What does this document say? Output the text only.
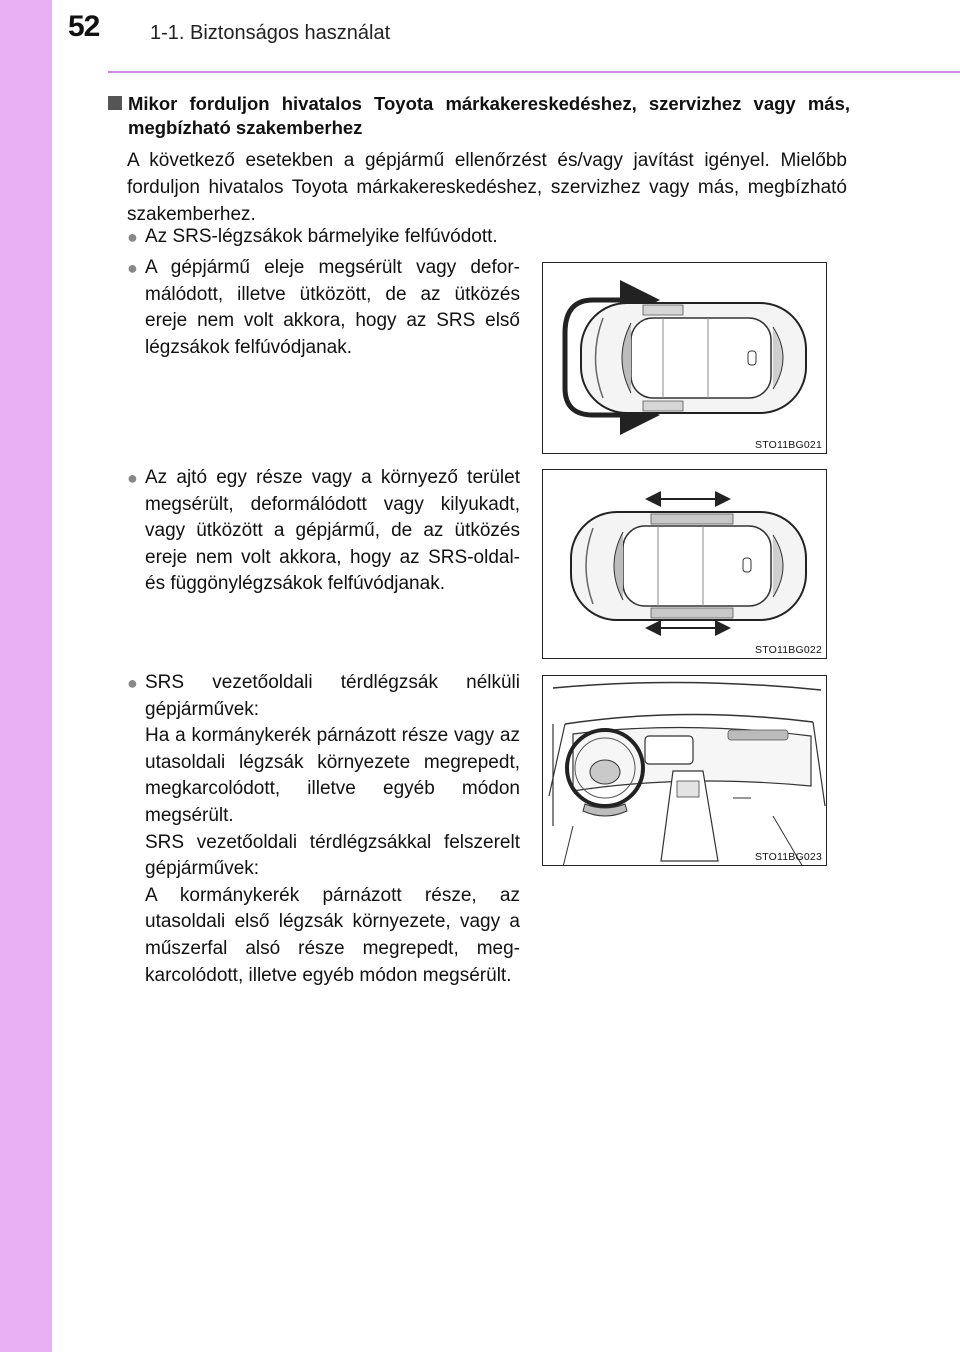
52	1-1. Biztonságos használat
Mikor forduljon hivatalos Toyota márkakereskedéshez, szervizhez vagy más, megbízható szakemberhez
A következő esetekben a gépjármű ellenőrzést és/vagy javítást igényel. Mielőbb forduljon hivatalos Toyota márkakereskedéshez, szervizhez vagy más, megbízható szakemberhez.
● Az SRS-légzsákok bármelyike felfúvódott.
● A gépjármű eleje megsérült vagy deformálódott, illetve ütközött, de az ütközés ereje nem volt akkora, hogy az SRS első légzsákok felfúvódjanak.
● Az ajtó egy része vagy a környező terület megsérült, deformálódott vagy kilyukadt, vagy ütközött a gépjármű, de az ütközés ereje nem volt akkora, hogy az SRS-oldal- és függönylégzsákok felfúvódjanak.
● SRS vezetőoldali térdlégzsák nélküli gépjárművek:
Ha a kormánykerék párnázott része vagy az utasoldali légzsák környezete megrepedt, megkarcolódott, illetve egyéb módon megsérült.
SRS vezetőoldali térdlégzsákkal felszerelt gépjárművek:
A kormánykerék párnázott része, az utasoldali első légzsák környezete, vagy a műszerfal alsó része megrepedt, megkarcolódott, illetve egyéb módon megsérült.
STO11BG021
STO11BG022
STO11BG023
